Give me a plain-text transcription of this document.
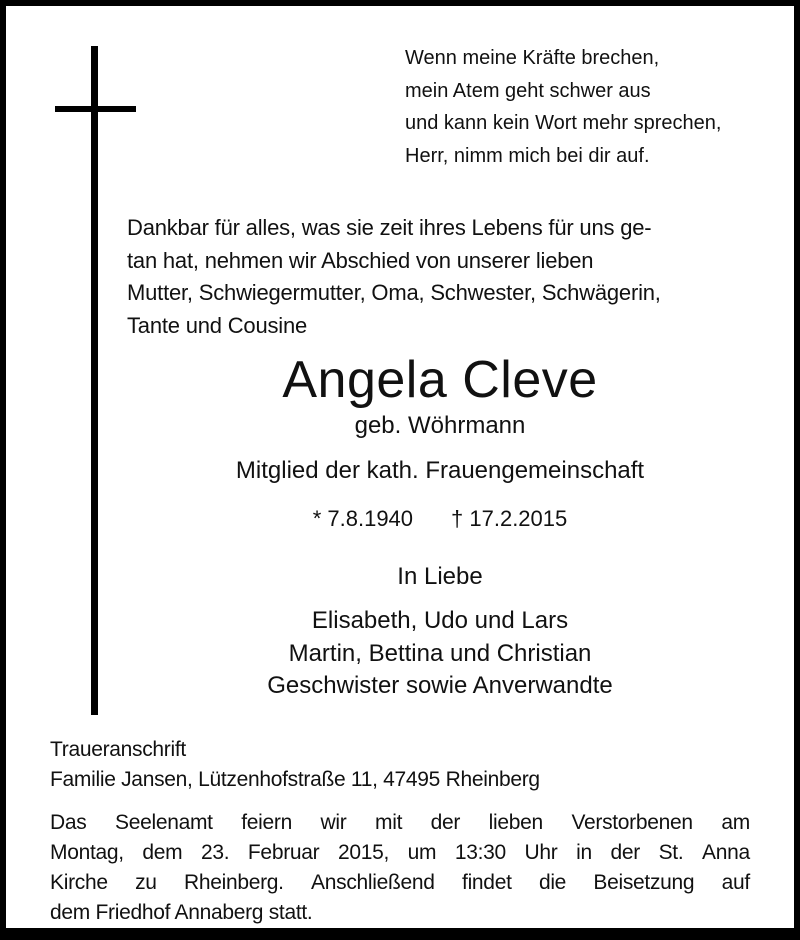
Wenn meine Kräfte brechen,
mein Atem geht schwer aus
und kann kein Wort mehr sprechen,
Herr, nimm mich bei dir auf.
Dankbar für alles, was sie zeit ihres Lebens für uns ge-
tan hat, nehmen wir Abschied von unserer lieben
Mutter, Schwiegermutter, Oma, Schwester, Schwägerin,
Tante und Cousine
Angela Cleve
geb. Wöhrmann
Mitglied der kath. Frauengemeinschaft
* 7.8.1940 † 17.2.2015
In Liebe
Elisabeth, Udo und Lars
Martin, Bettina und Christian
Geschwister sowie Anverwandte
Traueranschrift
Familie Jansen, Lützenhofstraße 11, 47495 Rheinberg
Das Seelenamt feiern wir mit der lieben Verstorbenen am
Montag, dem 23. Februar 2015, um 13:30 Uhr in der St. Anna
Kirche zu Rheinberg. Anschließend findet die Beisetzung auf
dem Friedhof Annaberg statt.
